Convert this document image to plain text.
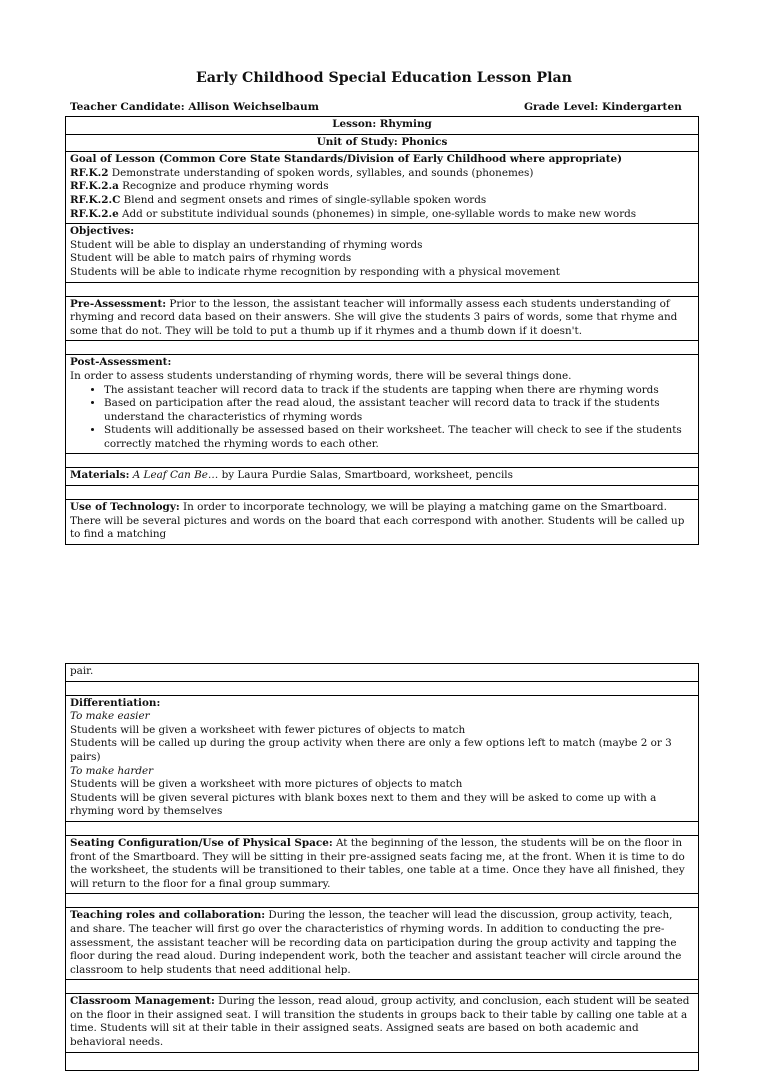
Early Childhood Special Education Lesson Plan
Teacher Candidate: Allison Weichselbaum	Grade Level: Kindergarten
Lesson: Rhyming
Unit of Study: Phonics

Goal of Lesson (Common Core State Standards/Division of Early Childhood where appropriate)
RF.K.2 Demonstrate understanding of spoken words, syllables, and sounds (phonemes)
RF.K.2.a Recognize and produce rhyming words
RF.K.2.C Blend and segment onsets and rimes of single-syllable spoken words
RF.K.2.e Add or substitute individual sounds (phonemes) in simple, one-syllable words to make new words

Objectives:
Student will be able to display an understanding of rhyming words
Student will be able to match pairs of rhyming words
Students will be able to indicate rhyme recognition by responding with a physical movement

Pre-Assessment: Prior to the lesson, the assistant teacher will informally assess each students understanding of rhyming and record data based on their answers. She will give the students 3 pairs of words, some that rhyme and some that do not. They will be told to put a thumb up if it rhymes and a thumb down if it doesn't.

Post-Assessment:
In order to assess students understanding of rhyming words, there will be several things done.
• The assistant teacher will record data to track if the students are tapping when there are rhyming words
• Based on participation after the read aloud, the assistant teacher will record data to track if the students understand the characteristics of rhyming words
• Students will additionally be assessed based on their worksheet. The teacher will check to see if the students correctly matched the rhyming words to each other.

Materials: A Leaf Can Be… by Laura Purdie Salas, Smartboard, worksheet, pencils

Use of Technology: In order to incorporate technology, we will be playing a matching game on the Smartboard. There will be several pictures and words on the board that each correspond with another. Students will be called up to find a matching
pair.

Differentiation:
To make easier
Students will be given a worksheet with fewer pictures of objects to match
Students will be called up during the group activity when there are only a few options left to match (maybe 2 or 3 pairs)
To make harder
Students will be given a worksheet with more pictures of objects to match
Students will be given several pictures with blank boxes next to them and they will be asked to come up with a rhyming word by themselves

Seating Configuration/Use of Physical Space: At the beginning of the lesson, the students will be on the floor in front of the Smartboard. They will be sitting in their pre-assigned seats facing me, at the front. When it is time to do the worksheet, the students will be transitioned to their tables, one table at a time. Once they have all finished, they will return to the floor for a final group summary.

Teaching roles and collaboration: During the lesson, the teacher will lead the discussion, group activity, teach, and share. The teacher will first go over the characteristics of rhyming words. In addition to conducting the pre-assessment, the assistant teacher will be recording data on participation during the group activity and tapping the floor during the read aloud. During independent work, both the teacher and assistant teacher will circle around the classroom to help students that need additional help.

Classroom Management: During the lesson, read aloud, group activity, and conclusion, each student will be seated on the floor in their assigned seat. I will transition the students in groups back to their table by calling one table at a time. Students will sit at their table in their assigned seats. Assigned seats are based on both academic and behavioral needs.
